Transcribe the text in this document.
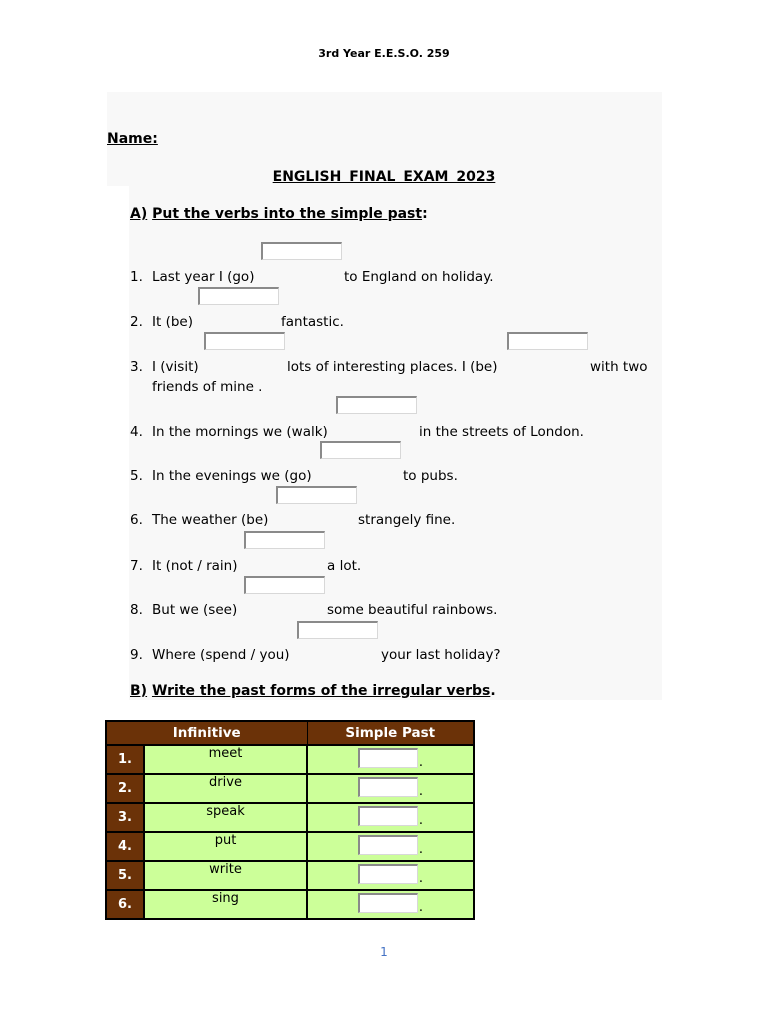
3rd Year E.E.S.O. 259
Name:
ENGLISH FINAL EXAM 2023
A) Put the verbs into the simple past:
1. Last year I (go)	to England on holiday.
2. It (be)	fantastic.
3. I (visit)	lots of interesting places. I (be)	with two
friends of mine .
4. In the mornings we (walk)	in the streets of London.
5. In the evenings we (go)	to pubs.
6. The weather (be)	strangely fine.
7. It (not / rain)	a lot.
8. But we (see)	some beautiful rainbows.
9. Where (spend / you)	your last holiday?
B) Write the past forms of the irregular verbs.
Infinitive		Simple Past
1.	meet	.
2.	drive	.
3.	speak	.
4.	put	.
5.	write	.
6.	sing	.
1
